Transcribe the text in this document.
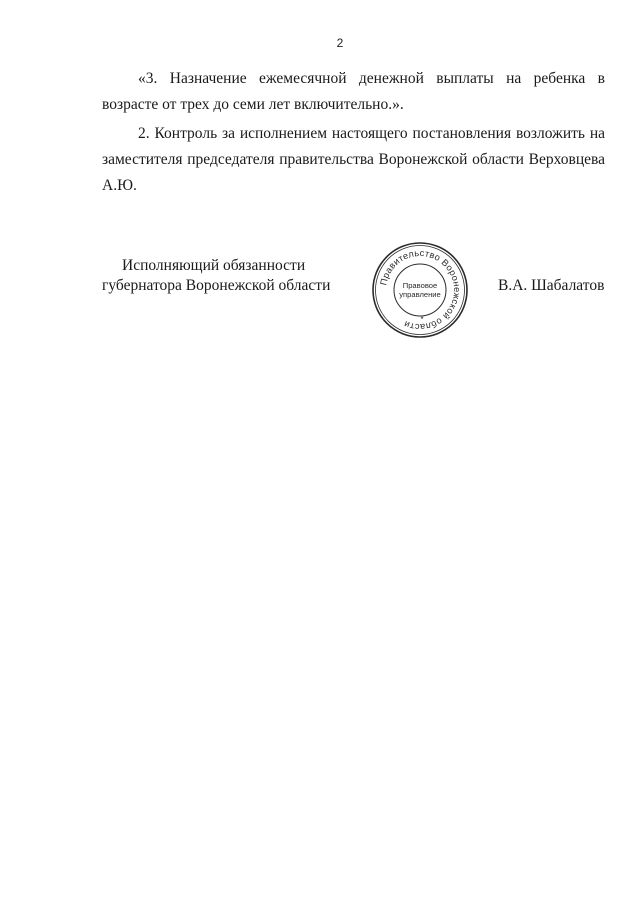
2

«3. Назначение ежемесячной денежной выплаты на ребенка в возрасте от трех до семи лет включительно.».

2. Контроль за исполнением настоящего постановления возложить на заместителя председателя правительства Воронежской области Верховцева А.Ю.

Исполняющий обязанности
губернатора Воронежской области	Правительство Воронежской области
Правовое
управление
*
В.А. Шабалатов
